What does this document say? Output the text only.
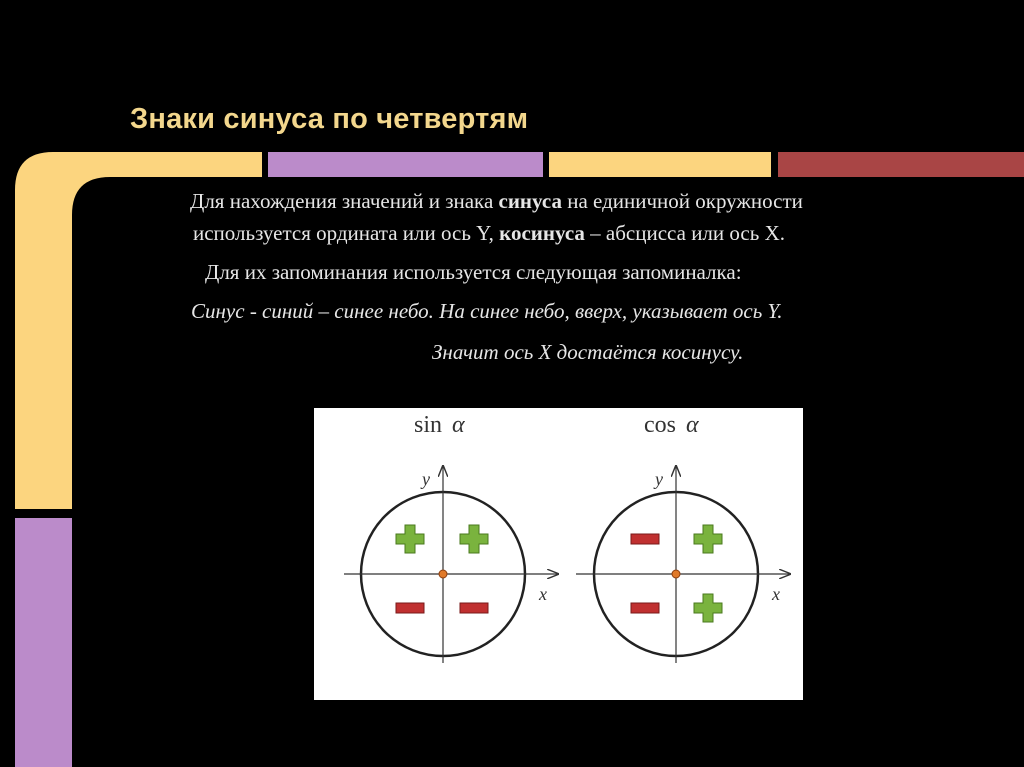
Знаки синуса по четвертям
Для нахождения значений и знака синуса на единичной окружности
используется ордината или ось Y, косинуса – абсцисса или ось X.
Для их запоминания используется следующая запоминалка:
Синус - синий – синее небо. На синее небо, вверх, указывает ось Y.
Значит ось X достаётся косинусу.
sin α
y
x
cos α
y
x
